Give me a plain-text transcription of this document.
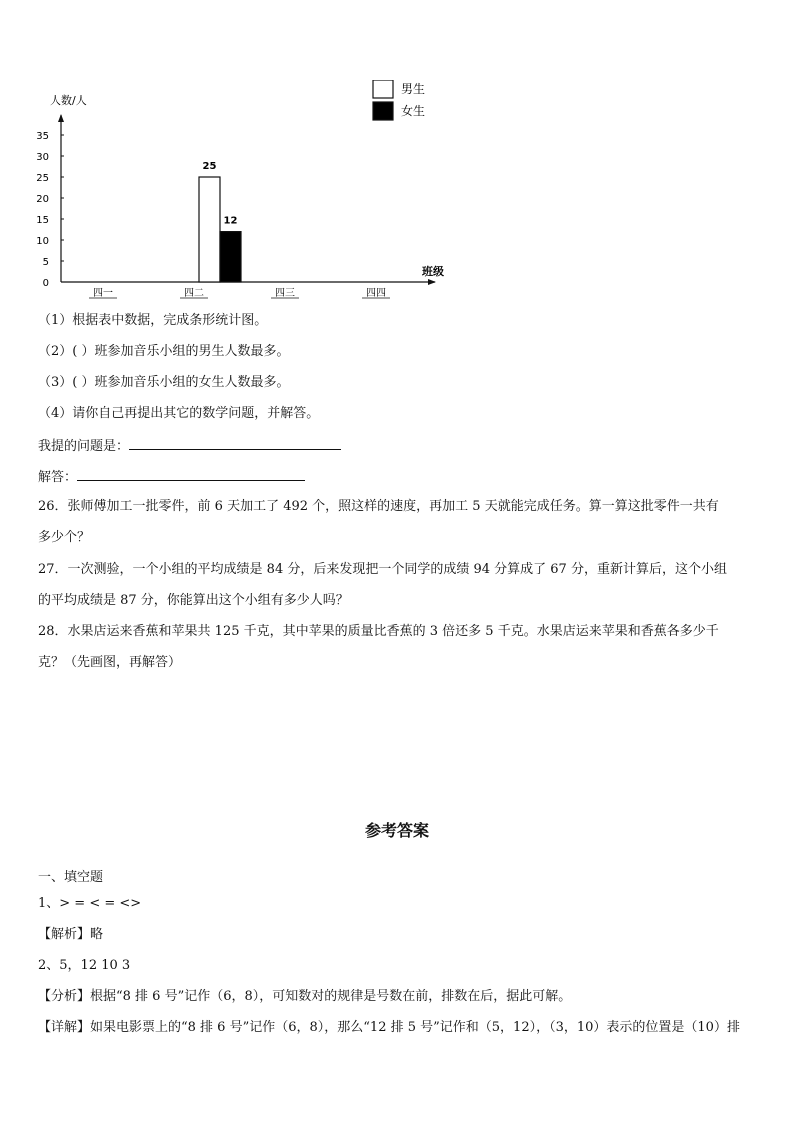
人数/人
班级
0
5
10
15
20
25
30
35
四一	四二	四三	四四
25
12
男生
女生
（1）根据表中数据，完成条形统计图。
（2）( ）班参加音乐小组的男生人数最多。
（3）( ）班参加音乐小组的女生人数最多。
（4）请你自己再提出其它的数学问题，并解答。
我提的问题是：
解答：
26．张师傅加工一批零件，前 6 天加工了 492 个，照这样的速度，再加工 5 天就能完成任务。算一算这批零件一共有
多少个？
27．一次测验，一个小组的平均成绩是 84 分，后来发现把一个同学的成绩 94 分算成了 67 分，重新计算后，这个小组
的平均成绩是 87 分，你能算出这个小组有多少人吗？
28．水果店运来香蕉和苹果共 125 千克，其中苹果的质量比香蕉的 3 倍还多 5 千克。水果店运来苹果和香蕉各多少千
克？（先画图，再解答）
参考答案
一、填空题
1、> = < = <>
【解析】略
2、5，12 10 3
【分析】根据“8 排 6 号”记作（6，8），可知数对的规律是号数在前，排数在后，据此可解。
【详解】如果电影票上的“8 排 6 号”记作（6，8），那么“12 排 5 号”记作和（5，12），（3，10）表示的位置是（10）排
